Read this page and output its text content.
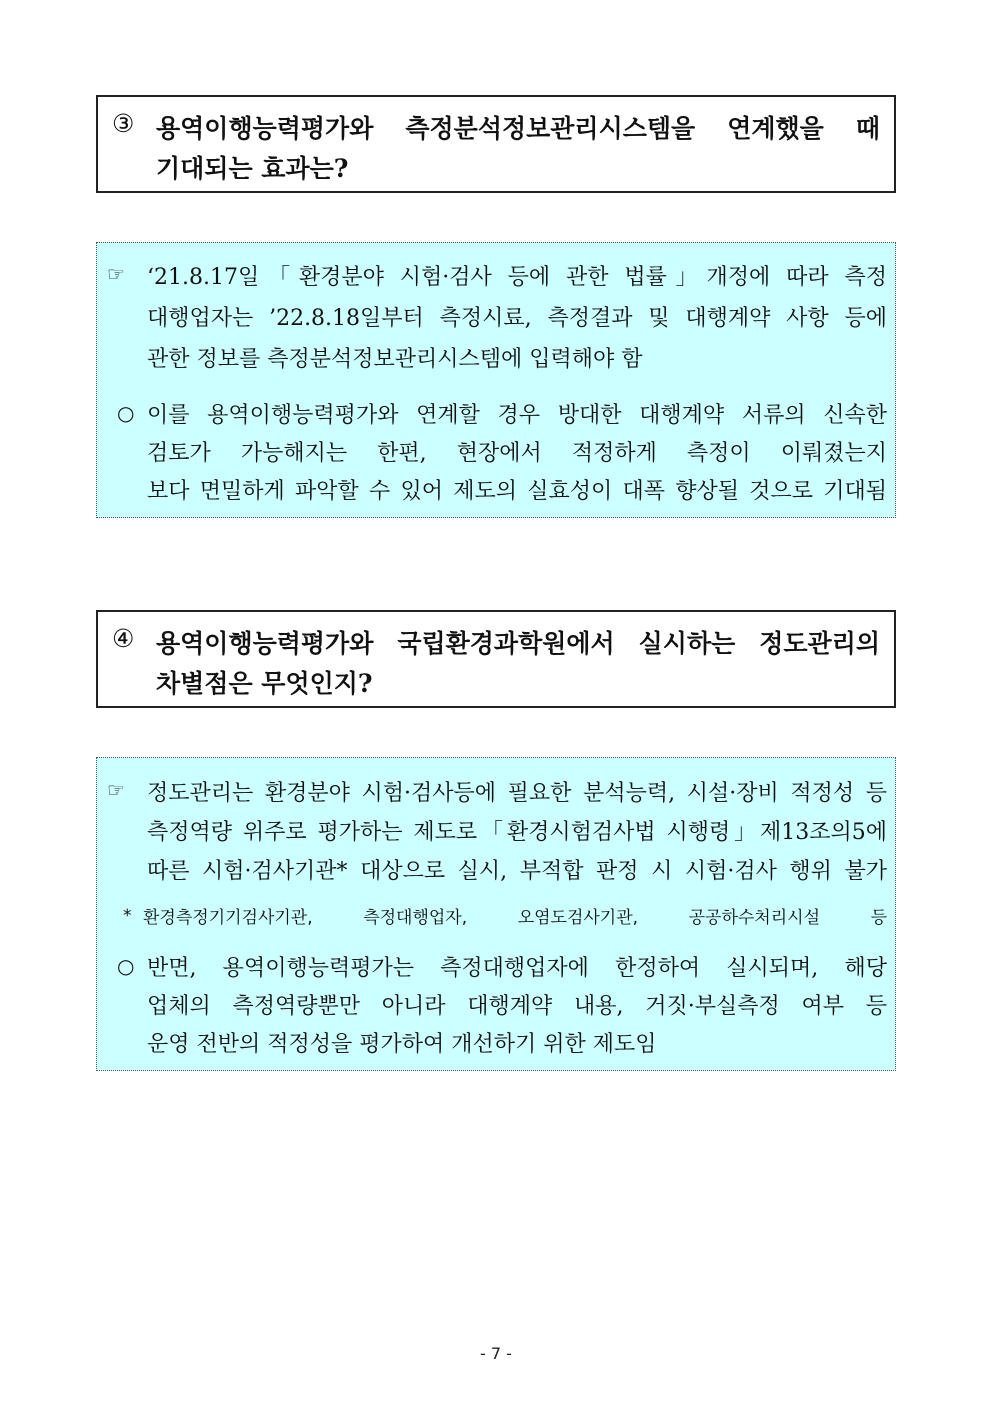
③ 용역이행능력평가와 측정분석정보관리시스템을 연계했을 때
기대되는 효과는?
☞ ‘21.8.17일「환경분야 시험·검사 등에 관한 법률」개정에 따라 측정
대행업자는 ’22.8.18일부터 측정시료, 측정결과 및 대행계약 사항 등에
관한 정보를 측정분석정보관리시스템에 입력해야 함
○ 이를 용역이행능력평가와 연계할 경우 방대한 대행계약 서류의 신속한
검토가 가능해지는 한편, 현장에서 적정하게 측정이 이뤄졌는지
보다 면밀하게 파악할 수 있어 제도의 실효성이 대폭 향상될 것으로 기대됨
④ 용역이행능력평가와 국립환경과학원에서 실시하는 정도관리의
차별점은 무엇인지?
☞ 정도관리는 환경분야 시험·검사등에 필요한 분석능력, 시설·장비 적정성 등
측정역량 위주로 평가하는 제도로「환경시험검사법 시행령」제13조의5에
따른 시험·검사기관* 대상으로 실시, 부적합 판정 시 시험·검사 행위 불가
* 환경측정기기검사기관, 측정대행업자, 오염도검사기관, 공공하수처리시설 등
○ 반면, 용역이행능력평가는 측정대행업자에 한정하여 실시되며, 해당
업체의 측정역량뿐만 아니라 대행계약 내용, 거짓·부실측정 여부 등
운영 전반의 적정성을 평가하여 개선하기 위한 제도임
- 7 -
